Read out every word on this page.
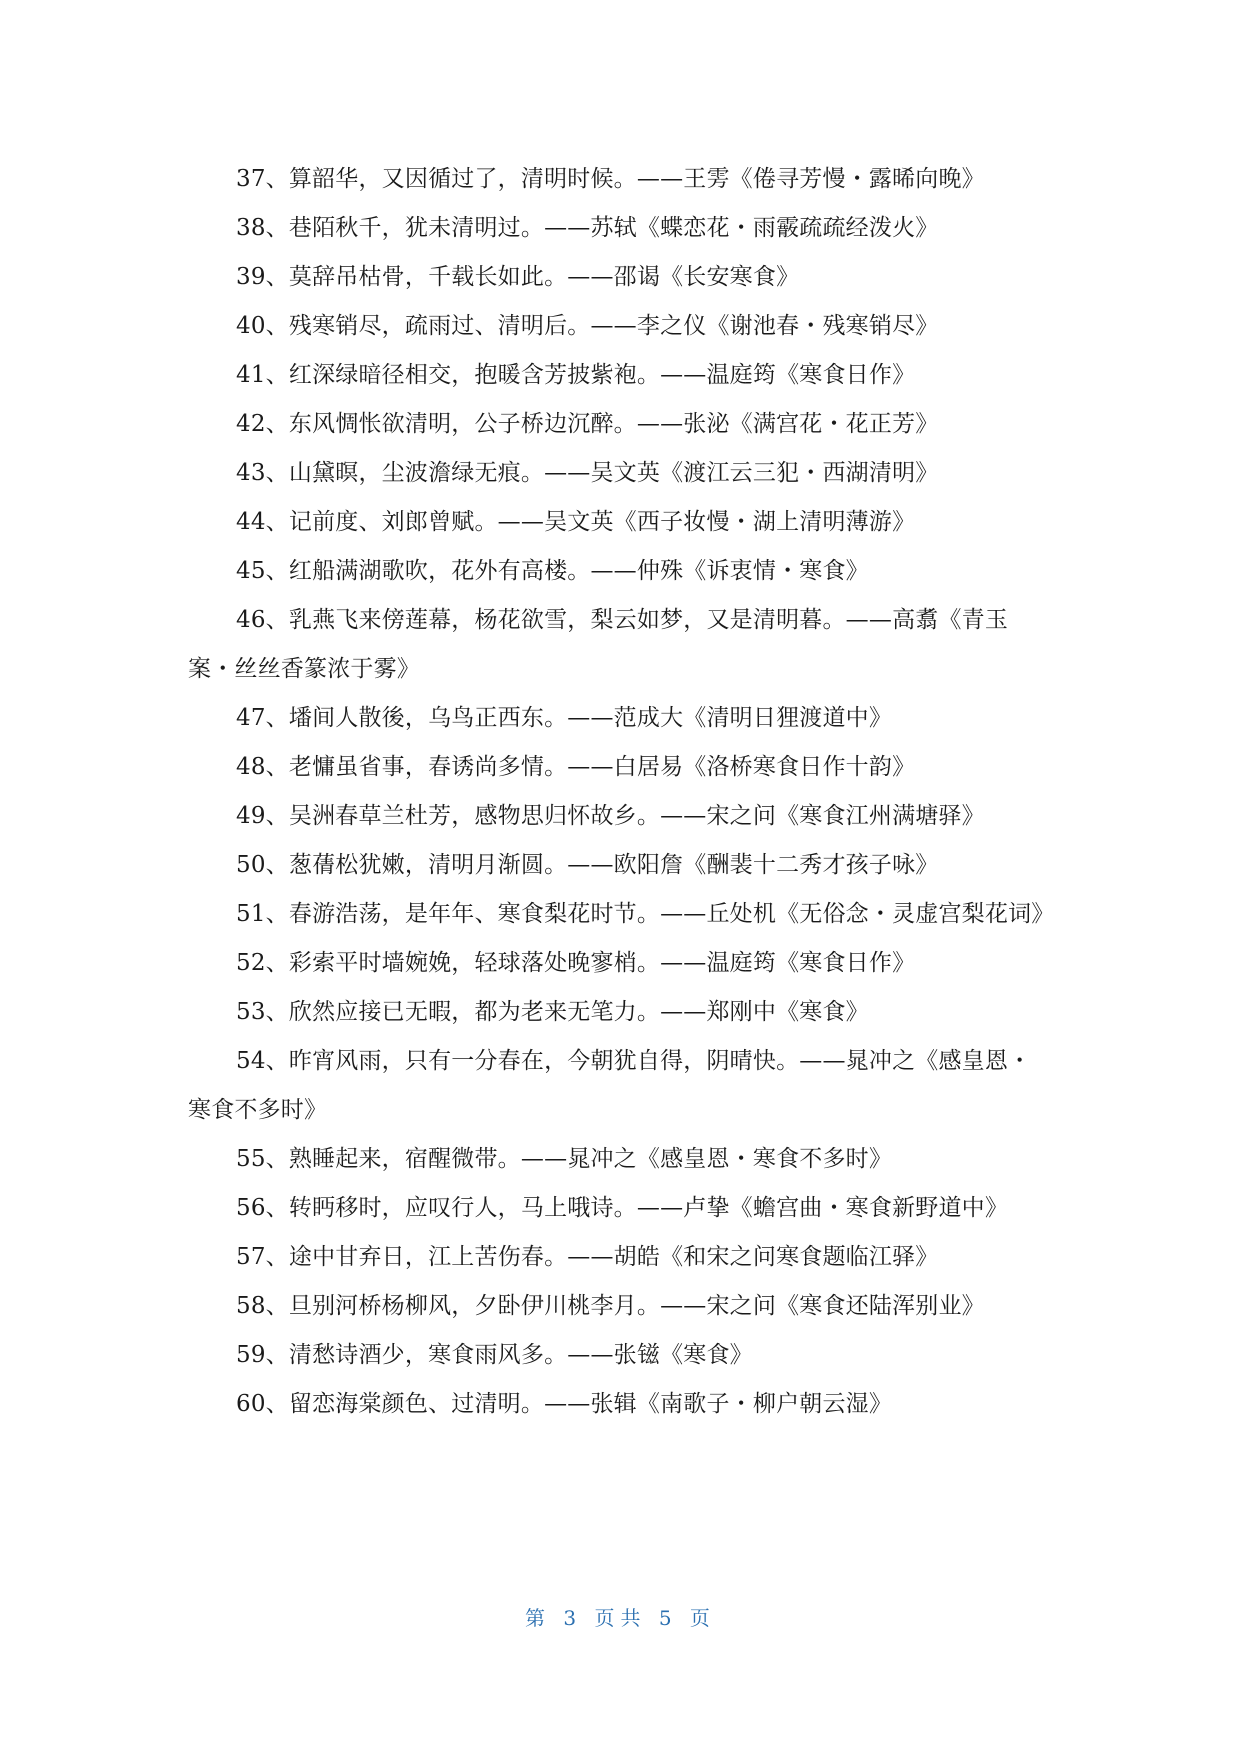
37、算韶华，又因循过了，清明时候。——王雱《倦寻芳慢・露晞向晚》

38、巷陌秋千，犹未清明过。——苏轼《蝶恋花・雨霰疏疏经泼火》

39、莫辞吊枯骨，千载长如此。——邵谒《长安寒食》

40、残寒销尽，疏雨过、清明后。——李之仪《谢池春・残寒销尽》

41、红深绿暗径相交，抱暖含芳披紫袍。——温庭筠《寒食日作》

42、东风惆怅欲清明，公子桥边沉醉。——张泌《满宫花・花正芳》

43、山黛暝，尘波澹绿无痕。——吴文英《渡江云三犯・西湖清明》

44、记前度、刘郎曾赋。——吴文英《西子妆慢・湖上清明薄游》

45、红船满湖歌吹，花外有高楼。——仲殊《诉衷情・寒食》

46、乳燕飞来傍莲幕，杨花欲雪，梨云如梦，又是清明暮。——高翥《青玉案・丝丝香篆浓于雾》

47、墦间人散後，乌鸟正西东。——范成大《清明日狸渡道中》

48、老慵虽省事，春诱尚多情。——白居易《洛桥寒食日作十韵》

49、吴洲春草兰杜芳，感物思归怀故乡。——宋之问《寒食江州满塘驿》

50、葱蒨松犹嫩，清明月渐圆。——欧阳詹《酬裴十二秀才孩子咏》

51、春游浩荡，是年年、寒食梨花时节。——丘处机《无俗念・灵虚宫梨花词》

52、彩索平时墙婉娩，轻球落处晚寥梢。——温庭筠《寒食日作》

53、欣然应接已无暇，都为老来无笔力。——郑刚中《寒食》

54、昨宵风雨，只有一分春在，今朝犹自得，阴晴快。——晁冲之《感皇恩・寒食不多时》

55、熟睡起来，宿醒微带。——晁冲之《感皇恩・寒食不多时》

56、转眄移时，应叹行人，马上哦诗。——卢挚《蟾宫曲・寒食新野道中》

57、途中甘弃日，江上苦伤春。——胡皓《和宋之问寒食题临江驿》

58、旦别河桥杨柳风，夕卧伊川桃李月。——宋之问《寒食还陆浑别业》

59、清愁诗酒少，寒食雨风多。——张镃《寒食》

60、留恋海棠颜色、过清明。——张辑《南歌子・柳户朝云湿》

第 3 页共 5 页
